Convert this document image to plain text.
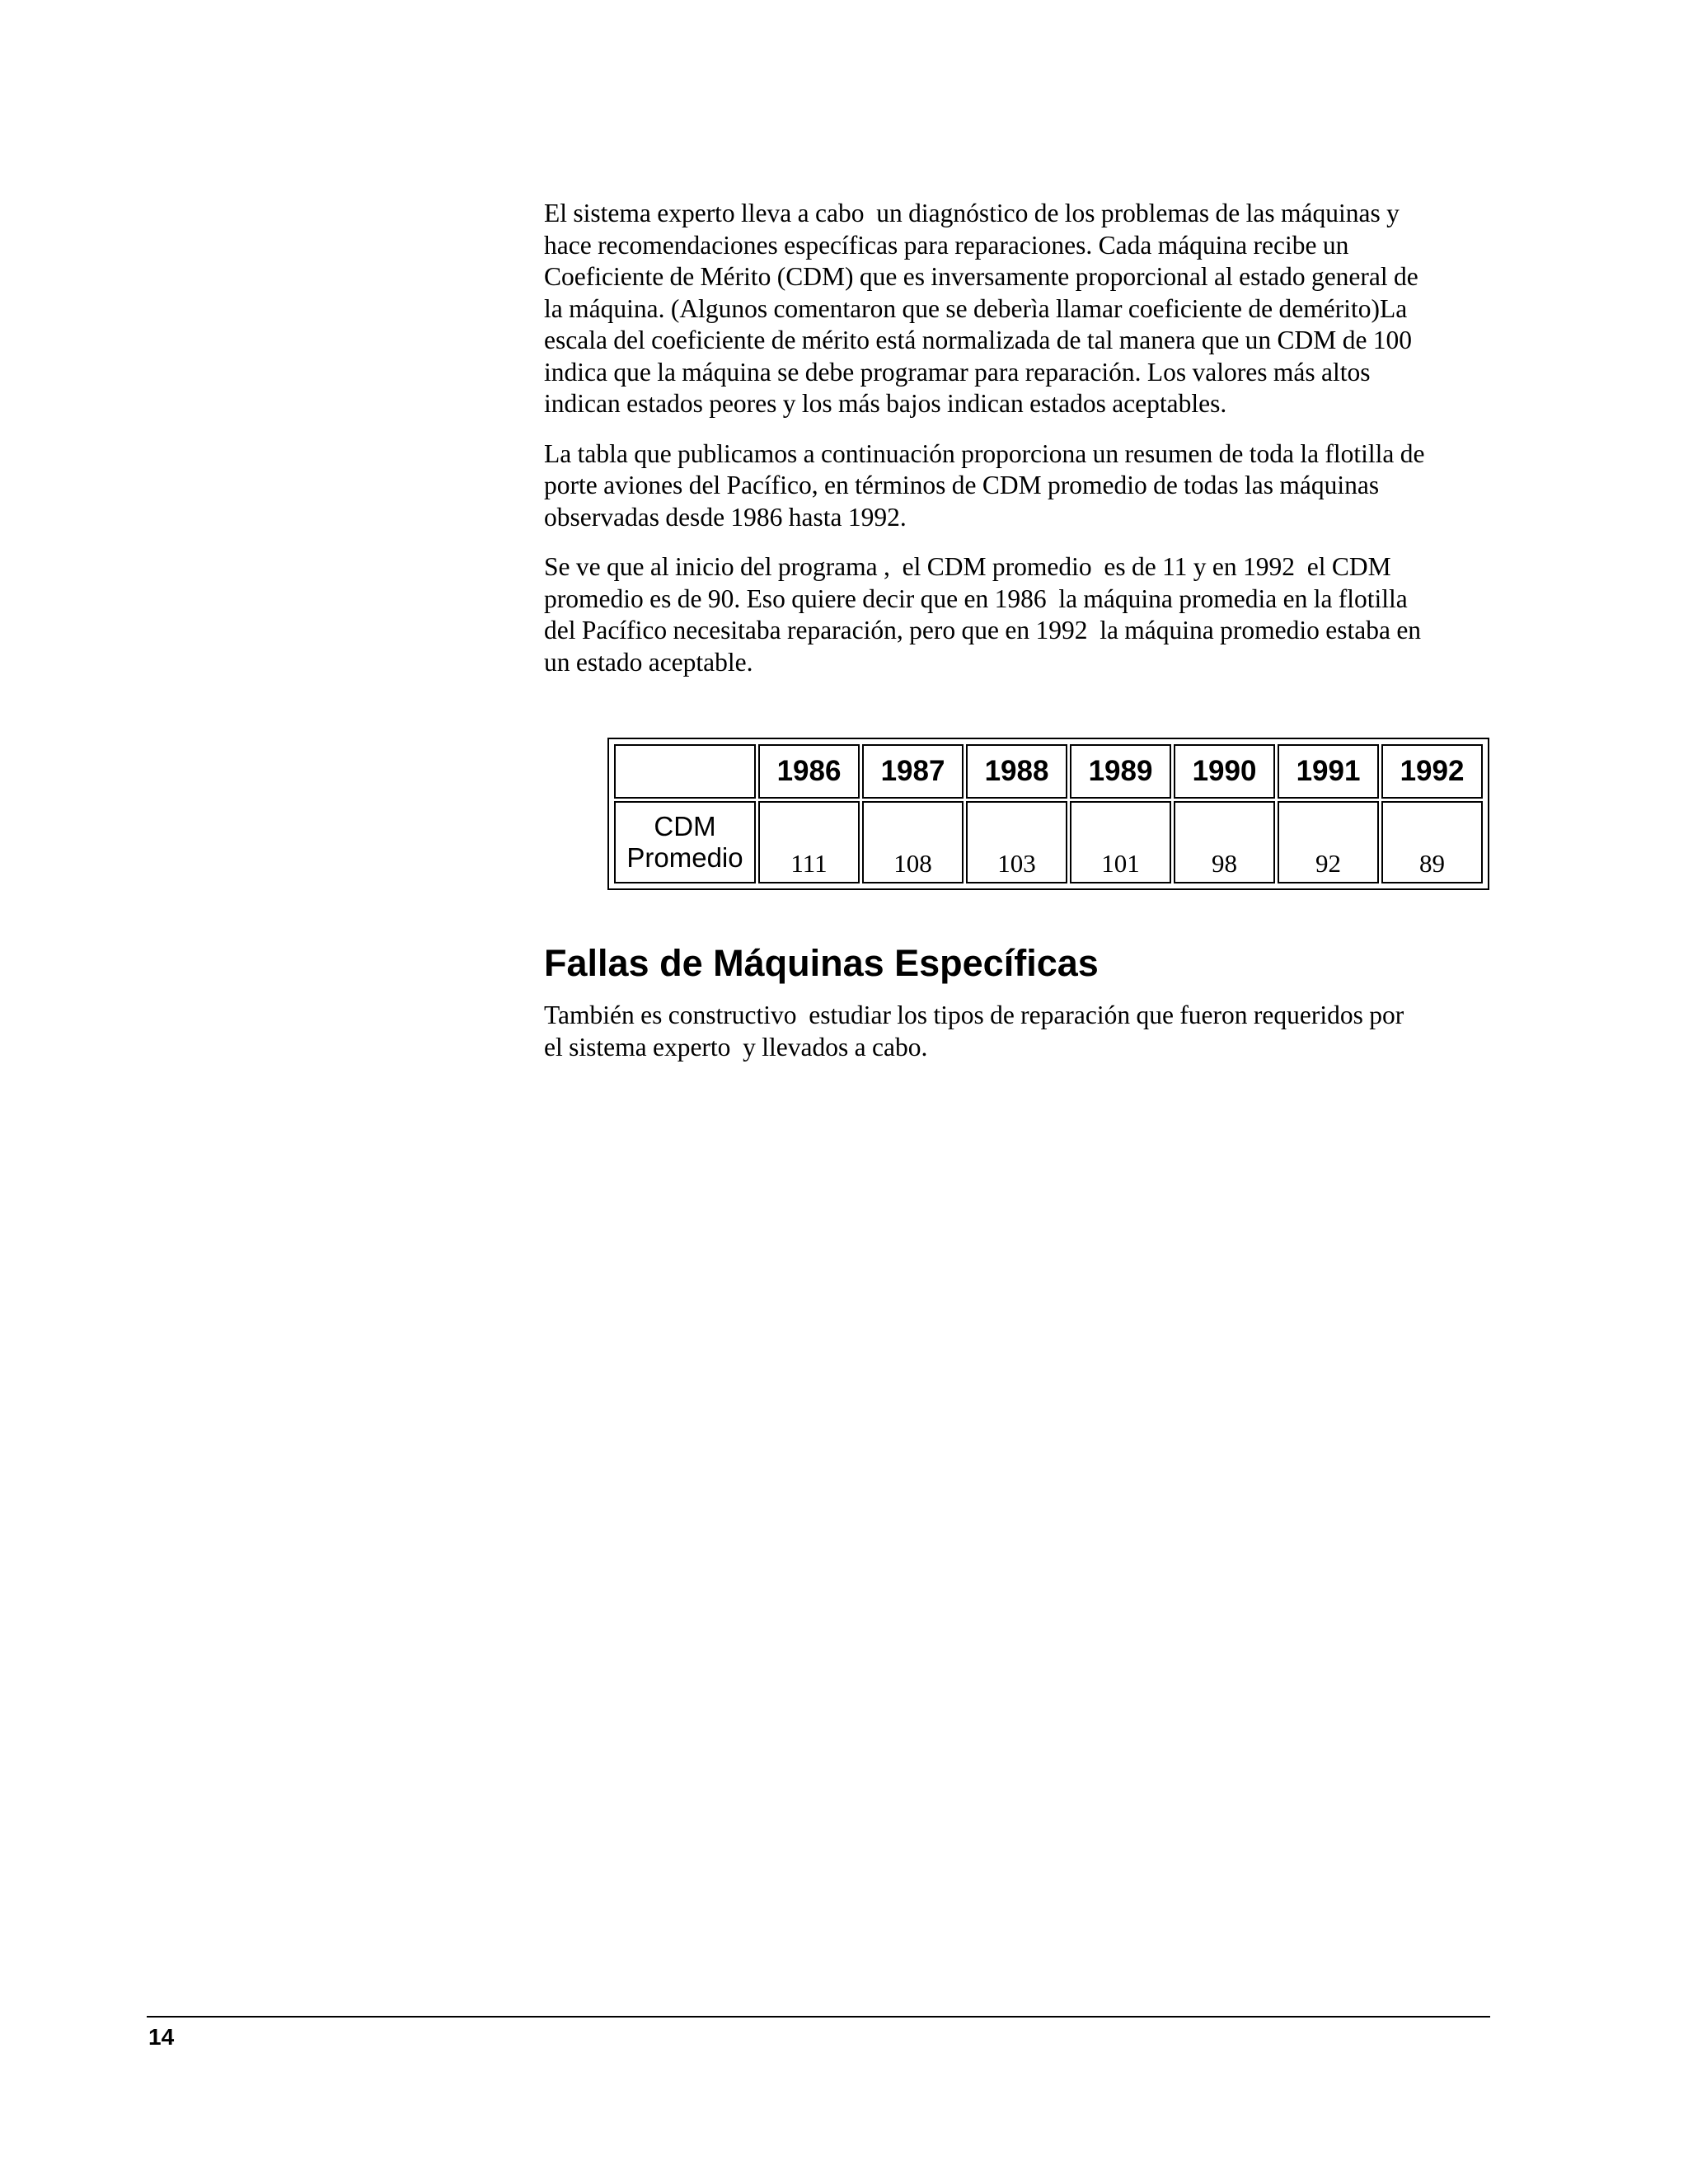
El sistema experto lleva a cabo  un diagnóstico de los problemas de las máquinas y
hace recomendaciones específicas para reparaciones. Cada máquina recibe un
Coeficiente de Mérito (CDM) que es inversamente proporcional al estado general de
la máquina. (Algunos comentaron que se deberìa llamar coeficiente de demérito)La
escala del coeficiente de mérito está normalizada de tal manera que un CDM de 100
indica que la máquina se debe programar para reparación. Los valores más altos
indican estados peores y los más bajos indican estados aceptables.

La tabla que publicamos a continuación proporciona un resumen de toda la flotilla de
porte aviones del Pacífico, en términos de CDM promedio de todas las máquinas
observadas desde 1986 hasta 1992.

Se ve que al inicio del programa ,  el CDM promedio  es de 11 y en 1992  el CDM
promedio es de 90. Eso quiere decir que en 1986  la máquina promedia en la flotilla
del Pacífico necesitaba reparación, pero que en 1992  la máquina promedio estaba en
un estado aceptable.

	1986	1987	1988	1989	1990	1991	1992

CDM
Promedio	111	108	103	101	98	92	89
Fallas de Máquinas Específicas

También es constructivo  estudiar los tipos de reparación que fueron requeridos por
el sistema experto  y llevados a cabo.

14
